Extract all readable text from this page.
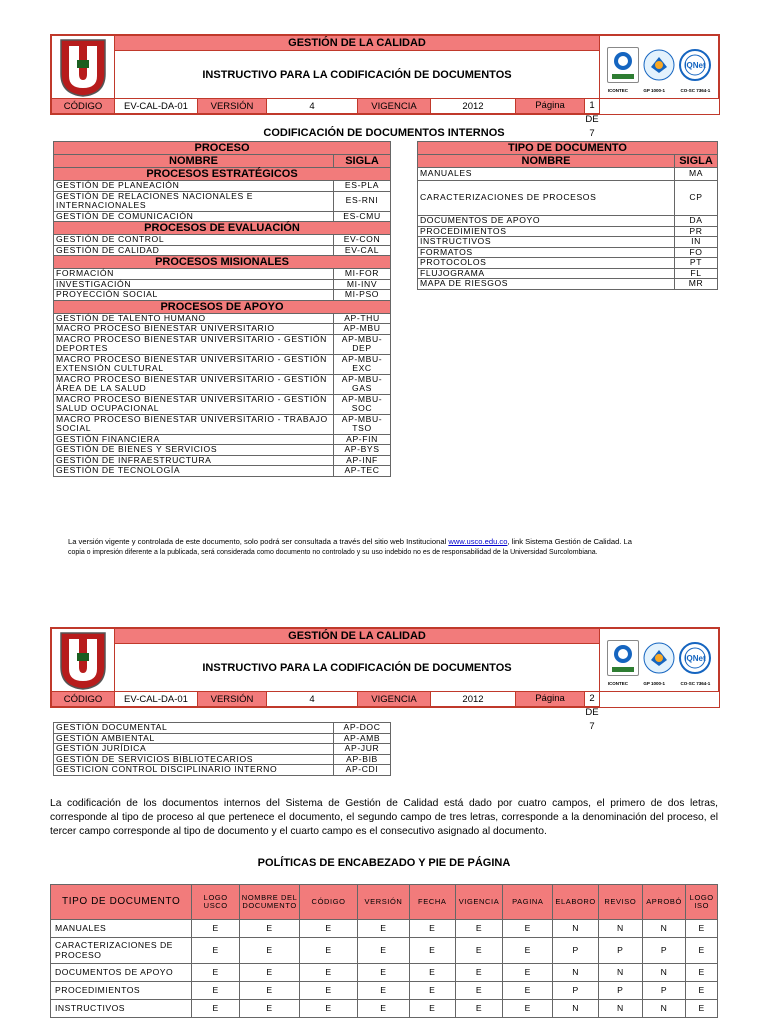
	GESTIÓN DE LA CALIDAD						IQNet
ICONTEC GP 1000-1 CO-SC 7364-1

	INSTRUCTIVO PARA LA CODIFICACIÓN DE DOCUMENTOS						
CÓDIGO	EV-CAL-DA-01	VERSIÓN	4	VIGENCIA	2012	Página 1 DE 7	
CODIFICACIÓN DE DOCUMENTOS INTERNOS
PROCESO	
NOMBRE	SIGLA
PROCESOS ESTRATÉGICOS	
GESTIÓN DE PLANEACIÓN	ES-PLA
GESTIÓN DE RELACIONES NACIONALES E INTERNACIONALES	ES-RNI
GESTIÓN DE COMUNICACIÓN	ES-CMU
PROCESOS DE EVALUACIÓN	
GESTIÓN DE CONTROL	EV-CON
GESTIÓN DE CALIDAD	EV-CAL
PROCESOS MISIONALES	
FORMACIÓN	MI-FOR
INVESTIGACIÓN	MI-INV
PROYECCIÓN SOCIAL	MI-PSO
PROCESOS DE APOYO	
GESTIÓN DE TALENTO HUMANO	AP-THU
MACRO PROCESO BIENESTAR UNIVERSITARIO	AP-MBU
MACRO PROCESO BIENESTAR UNIVERSITARIO - GESTIÓN DEPORTES	AP-MBU-DEP
MACRO PROCESO BIENESTAR UNIVERSITARIO - GESTIÓN EXTENSIÓN CULTURAL	AP-MBU-EXC
MACRO PROCESO BIENESTAR UNIVERSITARIO - GESTIÓN ÁREA DE LA SALUD	AP-MBU-GAS
MACRO PROCESO BIENESTAR UNIVERSITARIO - GESTIÓN SALUD OCUPACIONAL	AP-MBU-SOC
MACRO PROCESO BIENESTAR UNIVERSITARIO - TRABAJO SOCIAL	AP-MBU-TSO
GESTIÓN FINANCIERA	AP-FIN
GESTIÓN DE BIENES Y SERVICIOS	AP-BYS
GESTIÓN DE INFRAESTRUCTURA	AP-INF
GESTIÓN DE TECNOLOGÍA	AP-TEC
TIPO DE DOCUMENTO	
NOMBRE	SIGLA
MANUALES	MA
CARACTERIZACIONES DE PROCESOS	CP
DOCUMENTOS DE APOYO	DA
PROCEDIMIENTOS	PR
INSTRUCTIVOS	IN
FORMATOS	FO
PROTOCOLOS	PT
FLUJOGRAMA	FL
MAPA DE RIESGOS	MR
La versión vigente y controlada de este documento, solo podrá ser consultada a través del sitio web Institucional www.usco.edu.co, link Sistema Gestión de Calidad. La
copia o impresión diferente a la publicada, será considerada como documento no controlado y su uso indebido no es de responsabilidad de la Universidad Surcolombiana.
	GESTIÓN DE LA CALIDAD						IQNet
ICONTEC GP 1000-1 CO-SC 7364-1

	INSTRUCTIVO PARA LA CODIFICACIÓN DE DOCUMENTOS						
CÓDIGO	EV-CAL-DA-01	VERSIÓN	4	VIGENCIA	2012	Página 2 DE 7	
GESTIÓN DOCUMENTAL	AP-DOC
GESTIÓN AMBIENTAL	AP-AMB
GESTIÓN JURÍDICA	AP-JUR
GESTIÓN DE SERVICIOS BIBLIOTECARIOS	AP-BIB
GESTICION CONTROL DISCIPLINARIO INTERNO	AP-CDI
La codificación de los documentos internos del Sistema de Gestión de Calidad está dado por cuatro campos, el primero de dos letras, corresponde al tipo de proceso al que pertenece el documento, el segundo campo de tres letras, corresponde a la denominación del proceso, el tercer campo corresponde al tipo de documento y el cuarto campo es el consecutivo asignado al documento.
POLÍTICAS DE ENCABEZADO Y PIE DE PÁGINA
TIPO DE DOCUMENTO	LOGO USCO	NOMBRE DEL DOCUMENTO	CÓDIGO	VERSIÓN	FECHA	VIGENCIA	PAGINA	ELABORO	REVISO	APROBÓ	LOGO ISO
MANUALES	E	E	E	E	E	E	E	N	N	N	E
CARACTERIZACIONES DE PROCESO	E	E	E	E	E	E	E	P	P	P	E
DOCUMENTOS DE APOYO	E	E	E	E	E	E	E	N	N	N	E
PROCEDIMIENTOS	E	E	E	E	E	E	E	P	P	P	E
INSTRUCTIVOS	E	E	E	E	E	E	E	N	N	N	E
